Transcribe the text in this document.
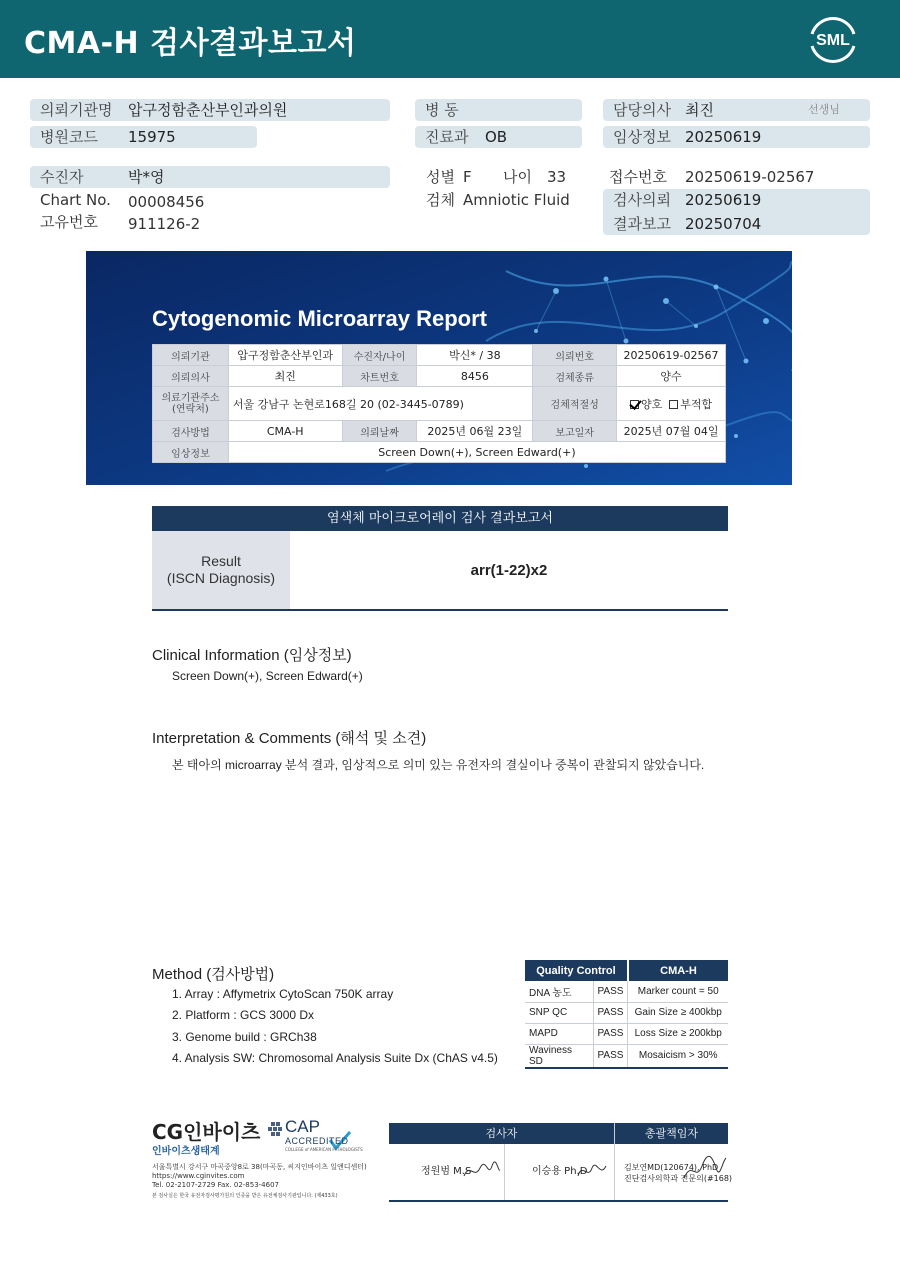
CMA-H 검사결과보고서	SML
의뢰기관명 압구정함춘산부인과의원
병원코드 15975
병 동
진료과 OB
담당의사 최진	선생님
임상정보 20250619
수진자	박*영
Chart No. 00008456
고유번호 911126-2
성별 F 나이 33
검체 Amniotic Fluid
접수번호 20250619-02567
검사의뢰 20250619
결과보고 20250704
Cytogenomic Microarray Report
의뢰기관	압구정함춘산부인과	수진자/나이	박신* / 38	의뢰번호	20250619-02567
의뢰의사	최진	차트번호	8456	검체종류	양수
의료기관주소
(연락처)	서울 강남구 논현로168길 20 (02-3445-0789)			검체적절성	양호 부적합
검사방법	CMA-H	의뢰날짜	2025년 06월 23일	보고일자	2025년 07월 04일
임상정보	Screen Down(+), Screen Edward(+)				
염색체 마이크로어레이 검사 결과보고서
Result
(ISCN Diagnosis)	arr(1-22)x2
Clinical Information (임상정보)
Screen Down(+), Screen Edward(+)
Interpretation & Comments (해석 및 소견)
본 태아의 microarray 분석 결과, 임상적으로 의미 있는 유전자의 결실이나 중복이 관찰되지 않았습니다.
Method (검사방법)
1. Array : Affymetrix CytoScan 750K array
2. Platform : GCS 3000 Dx
3. Genome build : GRCh38
4. Analysis SW: Chromosomal Analysis Suite Dx (ChAS v4.5)
Quality Control		CMA-H
DNA 농도	PASS	Marker count = 50
SNP QC	PASS	Gain Size ≥ 400kbp
MAPD	PASS	Loss Size ≥ 200kbp
Waviness SD	PASS	Mosaicism > 30%
CG인바이츠
인바이츠생태계
CAP
ACCREDITED
COLLEGE of AMERICAN PATHOLOGISTS
서울특별시 강서구 마곡중앙8로 38(마곡동, 씨지인바이츠 일앤디센터)
https://www.cginvites.com
Tel. 02-2107-2729 Fax. 02-853-4607
본 검사실은 한국 유전자검사평가원의 인증을 받은 유전체검사기관입니다. (제433호)
검사자	총괄책임자
정원범 M.S	이승용 Ph.D	김보연MD(120674), PhD
진단검사의학과 전문의(#168)
